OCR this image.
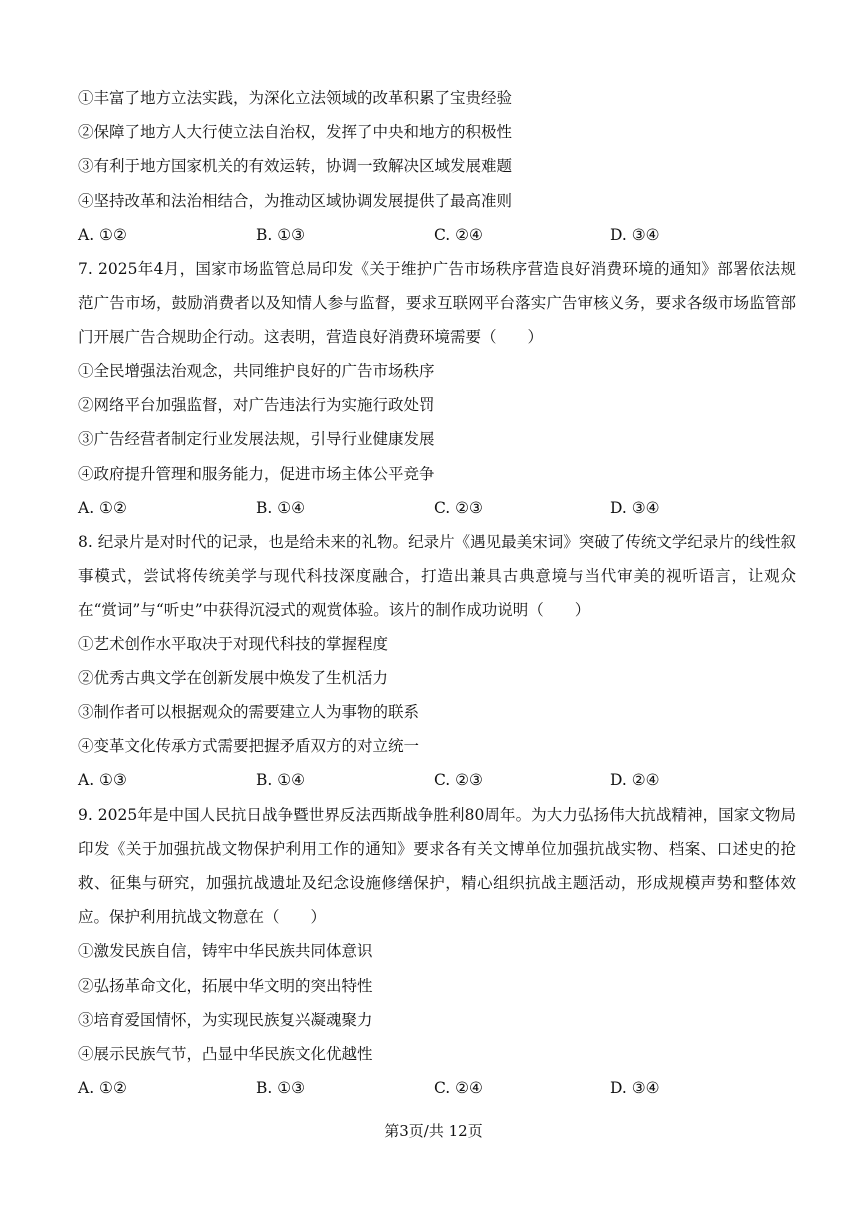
①丰富了地方立法实践，为深化立法领域的改革积累了宝贵经验
②保障了地方人大行使立法自治权，发挥了中央和地方的积极性
③有利于地方国家机关的有效运转，协调一致解决区域发展难题
④坚持改革和法治相结合，为推动区域协调发展提供了最高准则
A. ①②	B. ①③	C. ②④	D. ③④
7. 2025年4月，国家市场监管总局印发《关于维护广告市场秩序营造良好消费环境的通知》部署依法规范广告市场，鼓励消费者以及知情人参与监督，要求互联网平台落实广告审核义务，要求各级市场监管部门开展广告合规助企行动。这表明，营造良好消费环境需要（　　）
①全民增强法治观念，共同维护良好的广告市场秩序
②网络平台加强监督，对广告违法行为实施行政处罚
③广告经营者制定行业发展法规，引导行业健康发展
④政府提升管理和服务能力，促进市场主体公平竞争
A. ①②	B. ①④	C. ②③	D. ③④
8. 纪录片是对时代的记录，也是给未来的礼物。纪录片《遇见最美宋词》突破了传统文学纪录片的线性叙事模式，尝试将传统美学与现代科技深度融合，打造出兼具古典意境与当代审美的视听语言，让观众在“赏词”与“听史”中获得沉浸式的观赏体验。该片的制作成功说明（　　）
①艺术创作水平取决于对现代科技的掌握程度
②优秀古典文学在创新发展中焕发了生机活力
③制作者可以根据观众的需要建立人为事物的联系
④变革文化传承方式需要把握矛盾双方的对立统一
A. ①③	B. ①④	C. ②③	D. ②④
9. 2025年是中国人民抗日战争暨世界反法西斯战争胜利80周年。为大力弘扬伟大抗战精神，国家文物局印发《关于加强抗战文物保护利用工作的通知》要求各有关文博单位加强抗战实物、档案、口述史的抢救、征集与研究，加强抗战遗址及纪念设施修缮保护，精心组织抗战主题活动，形成规模声势和整体效应。保护利用抗战文物意在（　　）
①激发民族自信，铸牢中华民族共同体意识
②弘扬革命文化，拓展中华文明的突出特性
③培育爱国情怀，为实现民族复兴凝魂聚力
④展示民族气节，凸显中华民族文化优越性
A. ①②	B. ①③	C. ②④	D. ③④
第3页/共 12页
